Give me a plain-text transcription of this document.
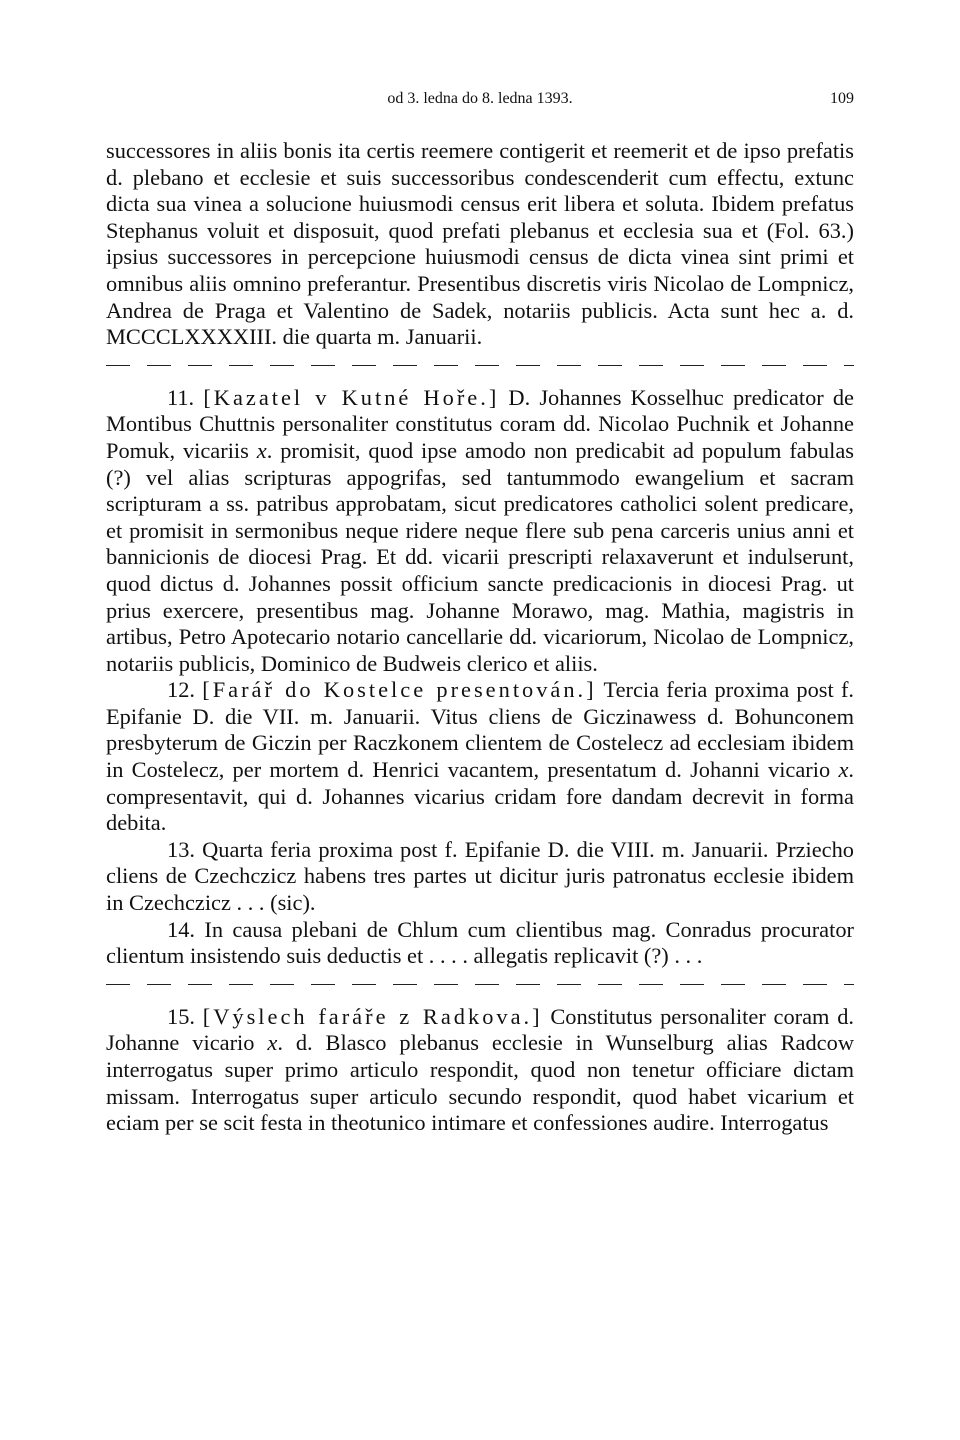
od 3. ledna do 8. ledna 1393.	109

successores in aliis bonis ita certis reemere contigerit et reemerit et de ipso prefatis d. plebano et ecclesie et suis successoribus condescenderit cum effectu, extunc dicta sua vinea a solucione huiusmodi census erit libera et soluta. Ibidem prefatus Stephanus voluit et disposuit, quod prefati plebanus et ecclesia sua et (Fol. 63.) ipsius successores in percepcione huiusmodi census de dicta vinea sint primi et omnibus aliis omnino preferantur. Presentibus discretis viris Nicolao de Lompnicz, Andrea de Praga et Valentino de Sadek, notariis publicis. Acta sunt hec a. d. MCCCLXXXXIII. die quarta m. Januarii.

11. [Kazatel v Kutné Hoře.] D. Johannes Kosselhuc predicator de Montibus Chuttnis personaliter constitutus coram dd. Nicolao Puchnik et Johanne Pomuk, vicariis x. promisit, quod ipse amodo non predicabit ad populum fabulas (?) vel alias scripturas appogrifas, sed tantummodo ewangelium et sacram scripturam a ss. patribus approbatam, sicut predicatores catholici solent predicare, et promisit in sermonibus neque ridere neque flere sub pena carceris unius anni et bannicionis de diocesi Prag. Et dd. vicarii prescripti relaxaverunt et indulserunt, quod dictus d. Johannes possit officium sancte predicacionis in diocesi Prag. ut prius exercere, presentibus mag. Johanne Morawo, mag. Mathia, magistris in artibus, Petro Apotecario notario cancellarie dd. vicariorum, Nicolao de Lompnicz, notariis publicis, Dominico de Budweis clerico et aliis.

12. [Farář do Kostelce presentován.] Tercia feria proxima post f. Epifanie D. die VII. m. Januarii. Vitus cliens de Giczinawess d. Bohunconem presbyterum de Giczin per Raczkonem clientem de Costelecz ad ecclesiam ibidem in Costelecz, per mortem d. Henrici vacantem, presentatum d. Johanni vicario x. compresentavit, qui d. Johannes vicarius cridam fore dandam decrevit in forma debita.

13. Quarta feria proxima post f. Epifanie D. die VIII. m. Januarii. Prziecho cliens de Czechczicz habens tres partes ut dicitur juris patronatus ecclesie ibidem in Czechczicz . . . (sic).

14. In causa plebani de Chlum cum clientibus mag. Conradus procurator clientum insistendo suis deductis et . . . . allegatis replicavit (?) . . .

15. [Výslech faráře z Radkova.] Constitutus personaliter coram d. Johanne vicario x. d. Blasco plebanus ecclesie in Wunselburg alias Radcow interrogatus super primo articulo respondit, quod non tenetur officiare dictam missam. Interrogatus super articulo secundo respondit, quod habet vicarium et eciam per se scit festa in theotunico intimare et confessiones audire. Interrogatus
